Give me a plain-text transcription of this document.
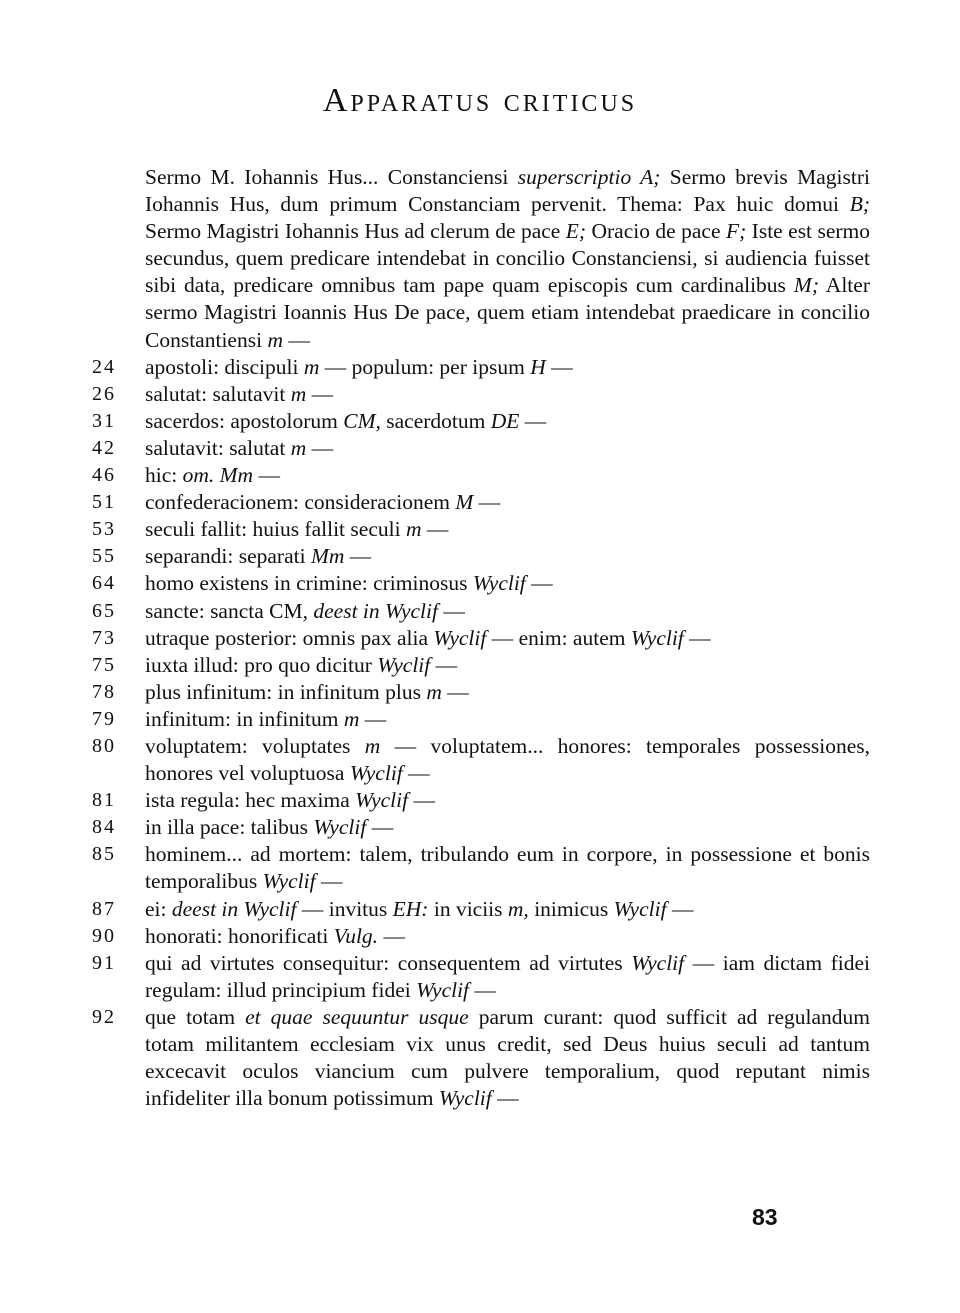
Apparatus criticus
Sermo M. Iohannis Hus... Constanciensi superscriptio A; Sermo brevis Magistri Iohannis Hus, dum primum Constanciam pervenit. Thema: Pax huic domui B; Sermo Magistri Iohannis Hus ad clerum de pace E; Oracio de pace F; Iste est sermo secundus, quem predicare intendebat in concilio Constanciensi, si audiencia fuisset sibi data, predicare omnibus tam pape quam episcopis cum cardinalibus M; Alter sermo Magistri Ioannis Hus De pace, quem etiam intendebat praedicare in concilio Constantiensi m —
24	apostoli: discipuli m — populum: per ipsum H —
26	salutat: salutavit m —
31	sacerdos: apostolorum CM, sacerdotum DE —
42	salutavit: salutat m —
46	hic: om. Mm —
51	confederacionem: consideracionem M —
53	seculi fallit: huius fallit seculi m —
55	separandi: separati Mm —
64	homo existens in crimine: criminosus Wyclif —
65	sancte: sancta CM, deest in Wyclif —
73	utraque posterior: omnis pax alia Wyclif — enim: autem Wyclif —
75	iuxta illud: pro quo dicitur Wyclif —
78	plus infinitum: in infinitum plus m —
79	infinitum: in infinitum m —
80	voluptatem: voluptates m — voluptatem... honores: temporales possessiones, honores vel voluptuosa Wyclif —
81	ista regula: hec maxima Wyclif —
84	in illa pace: talibus Wyclif —
85	hominem... ad mortem: talem, tribulando eum in corpore, in possessione et bonis temporalibus Wyclif —
87	ei: deest in Wyclif — invitus EH: in viciis m, inimicus Wyclif —
90	honorati: honorificati Vulg. —
91	qui ad virtutes consequitur: consequentem ad virtutes Wyclif — iam dictam fidei regulam: illud principium fidei Wyclif —
92	que totam et quae sequuntur usque parum curant: quod sufficit ad regulandum totam militantem ecclesiam vix unus credit, sed Deus huius seculi ad tantum excecavit oculos viancium cum pulvere temporalium, quod reputant nimis infideliter illa bonum potissimum Wyclif —
83
